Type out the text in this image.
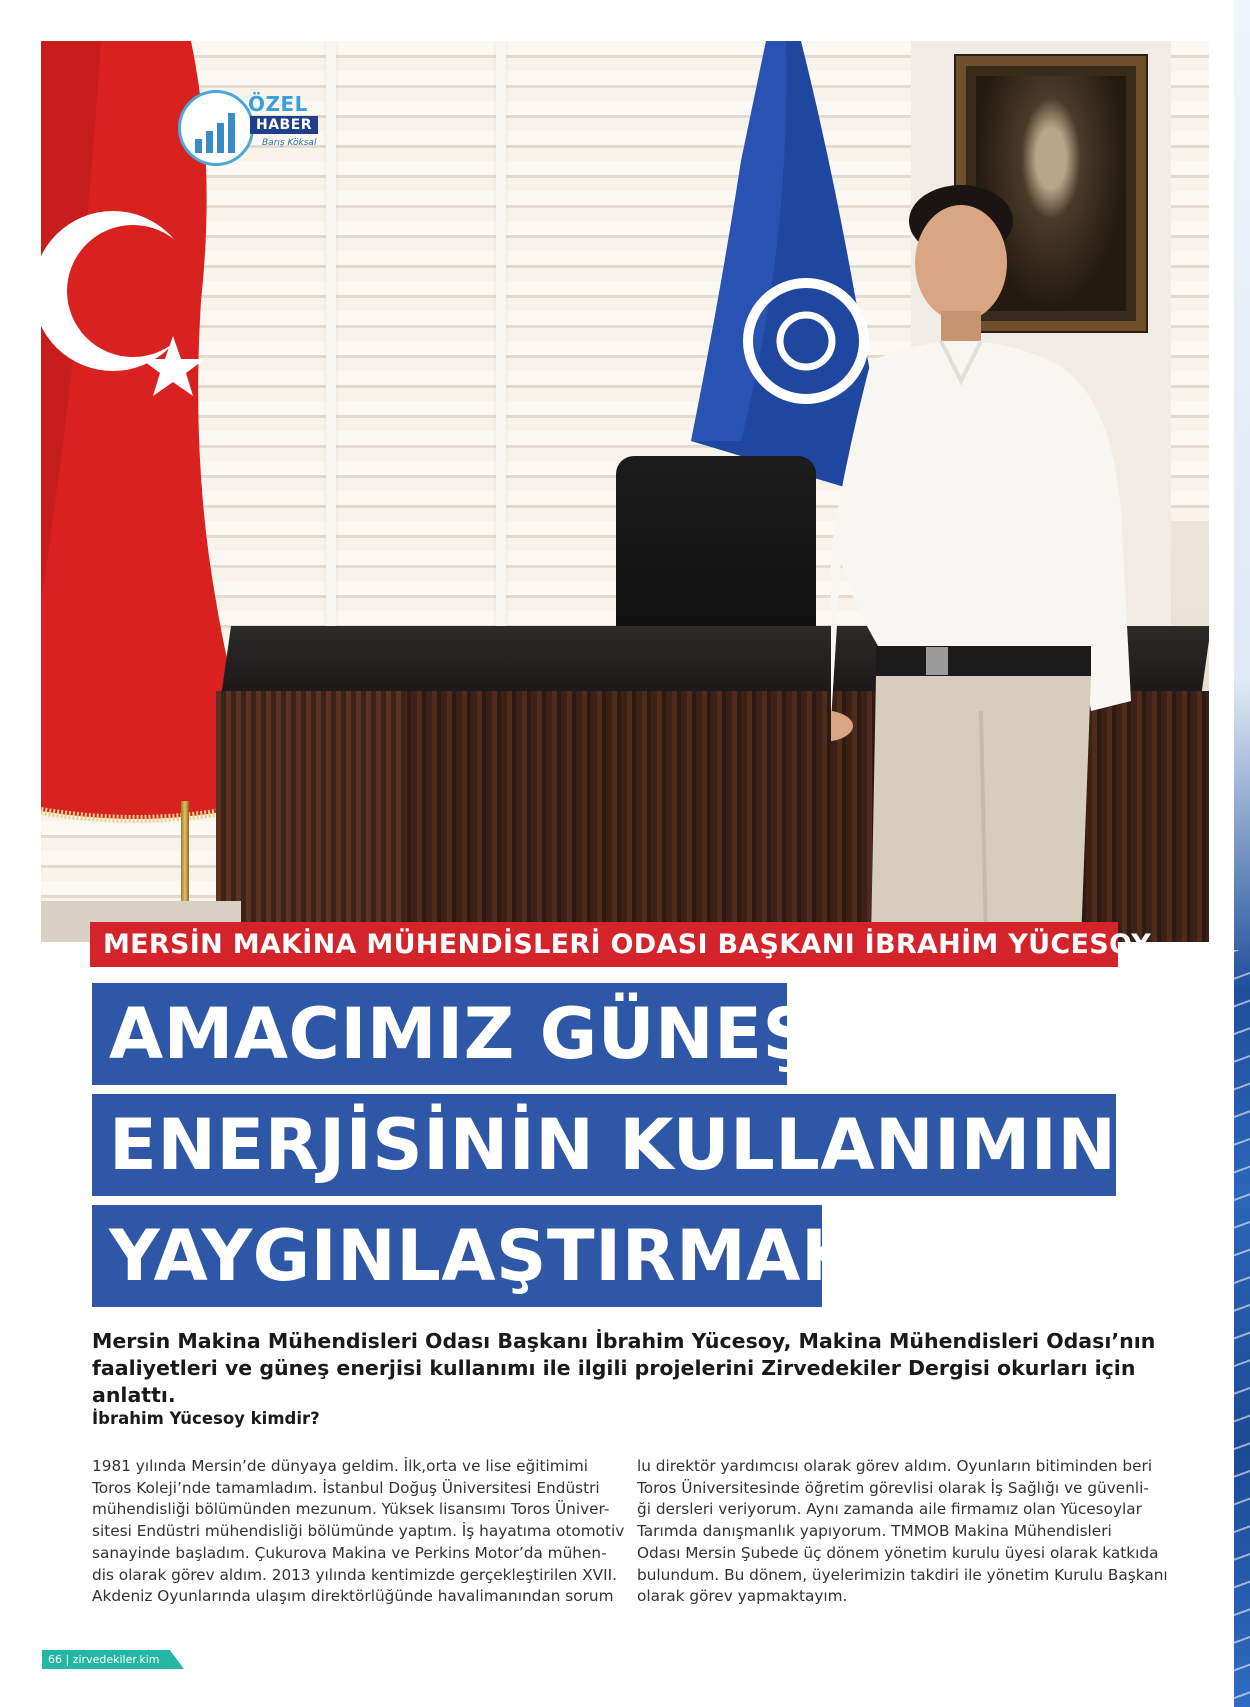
ÖZEL
HABER
Barış Köksal
MERSİN MAKİNA MÜHENDİSLERİ ODASI BAŞKANI İBRAHİM YÜCESOY
AMACIMIZ GÜNEŞ
ENERJİSİNİN KULLANIMINI
YAYGINLAŞTIRMAK

Mersin Makina Mühendisleri Odası Başkanı İbrahim Yücesoy, Makina Mühendisleri Odası’nın faaliyetleri ve güneş enerjisi kullanımı ile ilgili projelerini Zirvedekiler Dergisi okurları için anlattı.

İbrahim Yücesoy kimdir?

1981 yılında Mersin’de dünyaya geldim. İlk,orta ve lise eğitimimi
Toros Koleji’nde tamamladım. İstanbul Doğuş Üniversitesi Endüstri
mühendisliği bölümünden mezunum. Yüksek lisansımı Toros Üniver-
sitesi Endüstri mühendisliği bölümünde yaptım. İş hayatıma otomotiv
sanayinde başladım. Çukurova Makina ve Perkins Motor’da mühen-
dis olarak görev aldım. 2013 yılında kentimizde gerçekleştirilen XVII.
Akdeniz Oyunlarında ulaşım direktörlüğünde havalimanından sorum

lu direktör yardımcısı olarak görev aldım. Oyunların bitiminden beri
Toros Üniversitesinde öğretim görevlisi olarak İş Sağlığı ve güvenli-
ği dersleri veriyorum. Aynı zamanda aile firmamız olan Yücesoylar
Tarımda danışmanlık yapıyorum. TMMOB Makina Mühendisleri
Odası Mersin Şubede üç dönem yönetim kurulu üyesi olarak katkıda
bulundum. Bu dönem, üyelerimizin takdiri ile yönetim Kurulu Başkanı
olarak görev yapmaktayım.

66 | zirvedekiler.kim
